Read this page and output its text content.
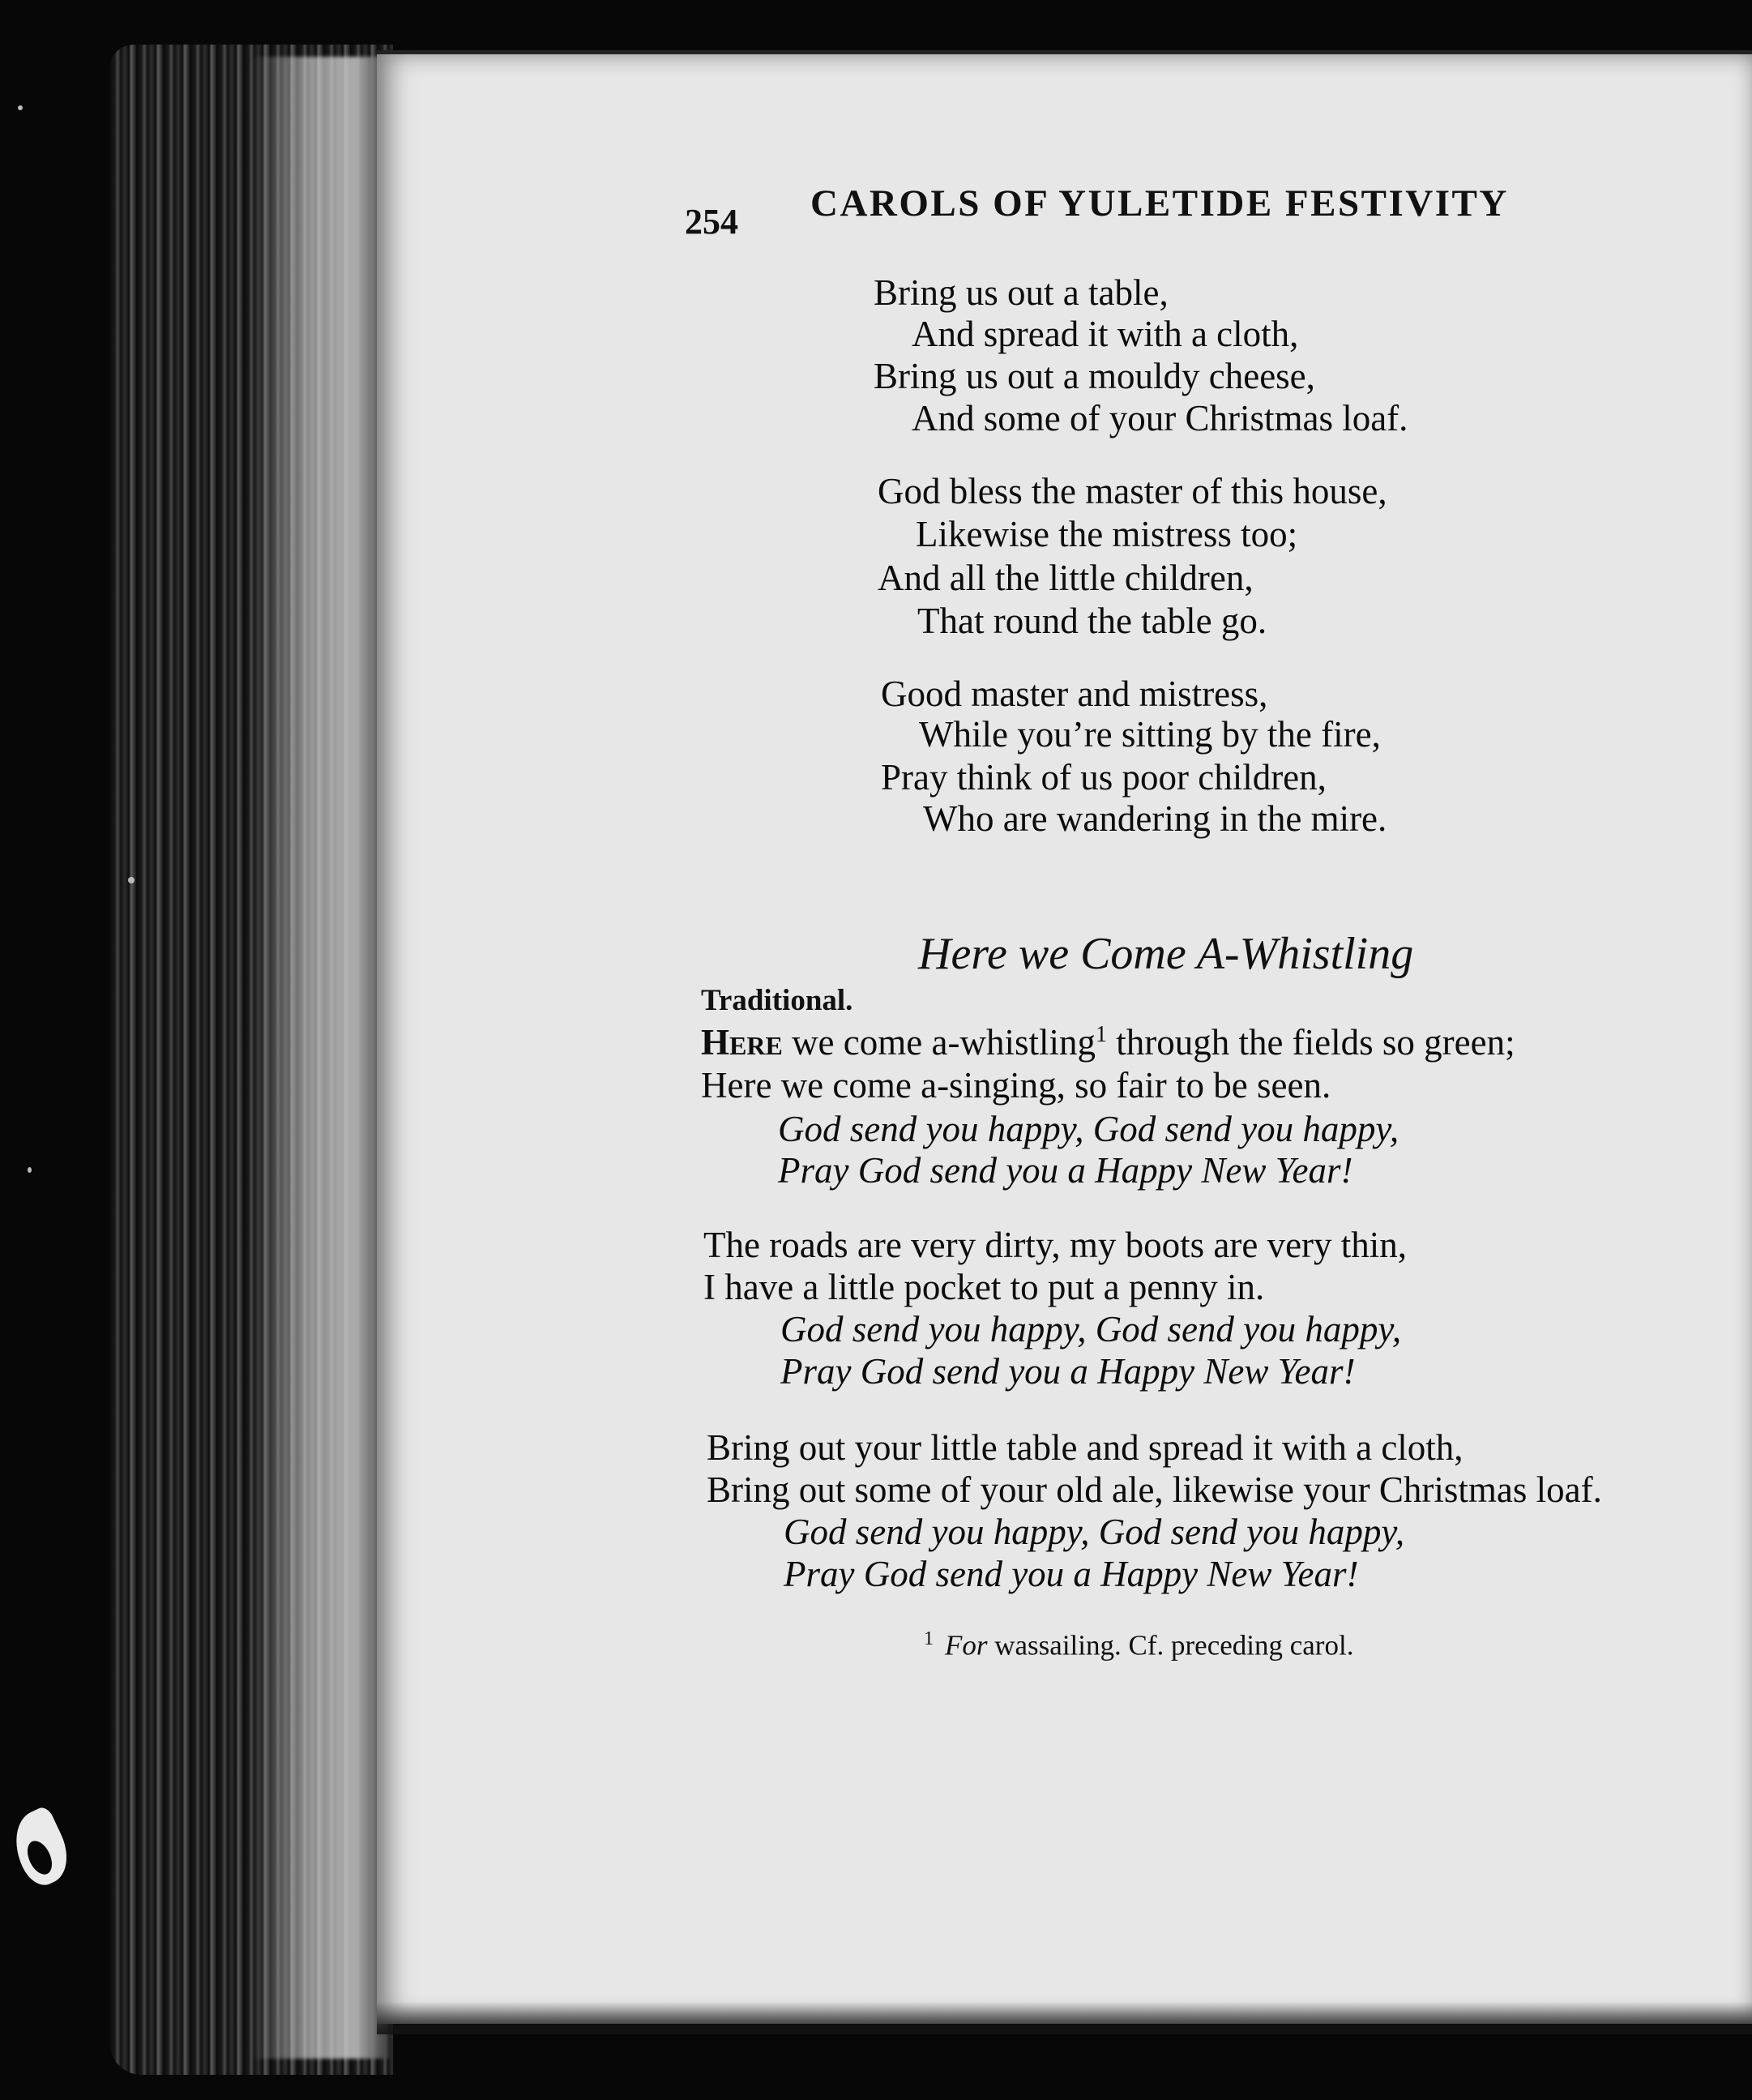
254 CAROLS OF YULETIDE FESTIVITY
Bring us out a table,
And spread it with a cloth,
Bring us out a mouldy cheese,
And some of your Christmas loaf.
God bless the master of this house,
Likewise the mistress too;
And all the little children,
That round the table go.
Good master and mistress,
While you’re sitting by the fire,
Pray think of us poor children,
Who are wandering in the mire.
Here we Come A-Whistling
Traditional.
Here we come a-whistling$^1$ through the fields so green;
Here we come a-singing, so fair to be seen.
God send you happy, God send you happy,
Pray God send you a Happy New Year!
The roads are very dirty, my boots are very thin,
I have a little pocket to put a penny in.
God send you happy, God send you happy,
Pray God send you a Happy New Year!
Bring out your little table and spread it with a cloth,
Bring out some of your old ale, likewise your Christmas loaf.
God send you happy, God send you happy,
Pray God send you a Happy New Year!
$^1$ For wassailing. Cf. preceding carol.
